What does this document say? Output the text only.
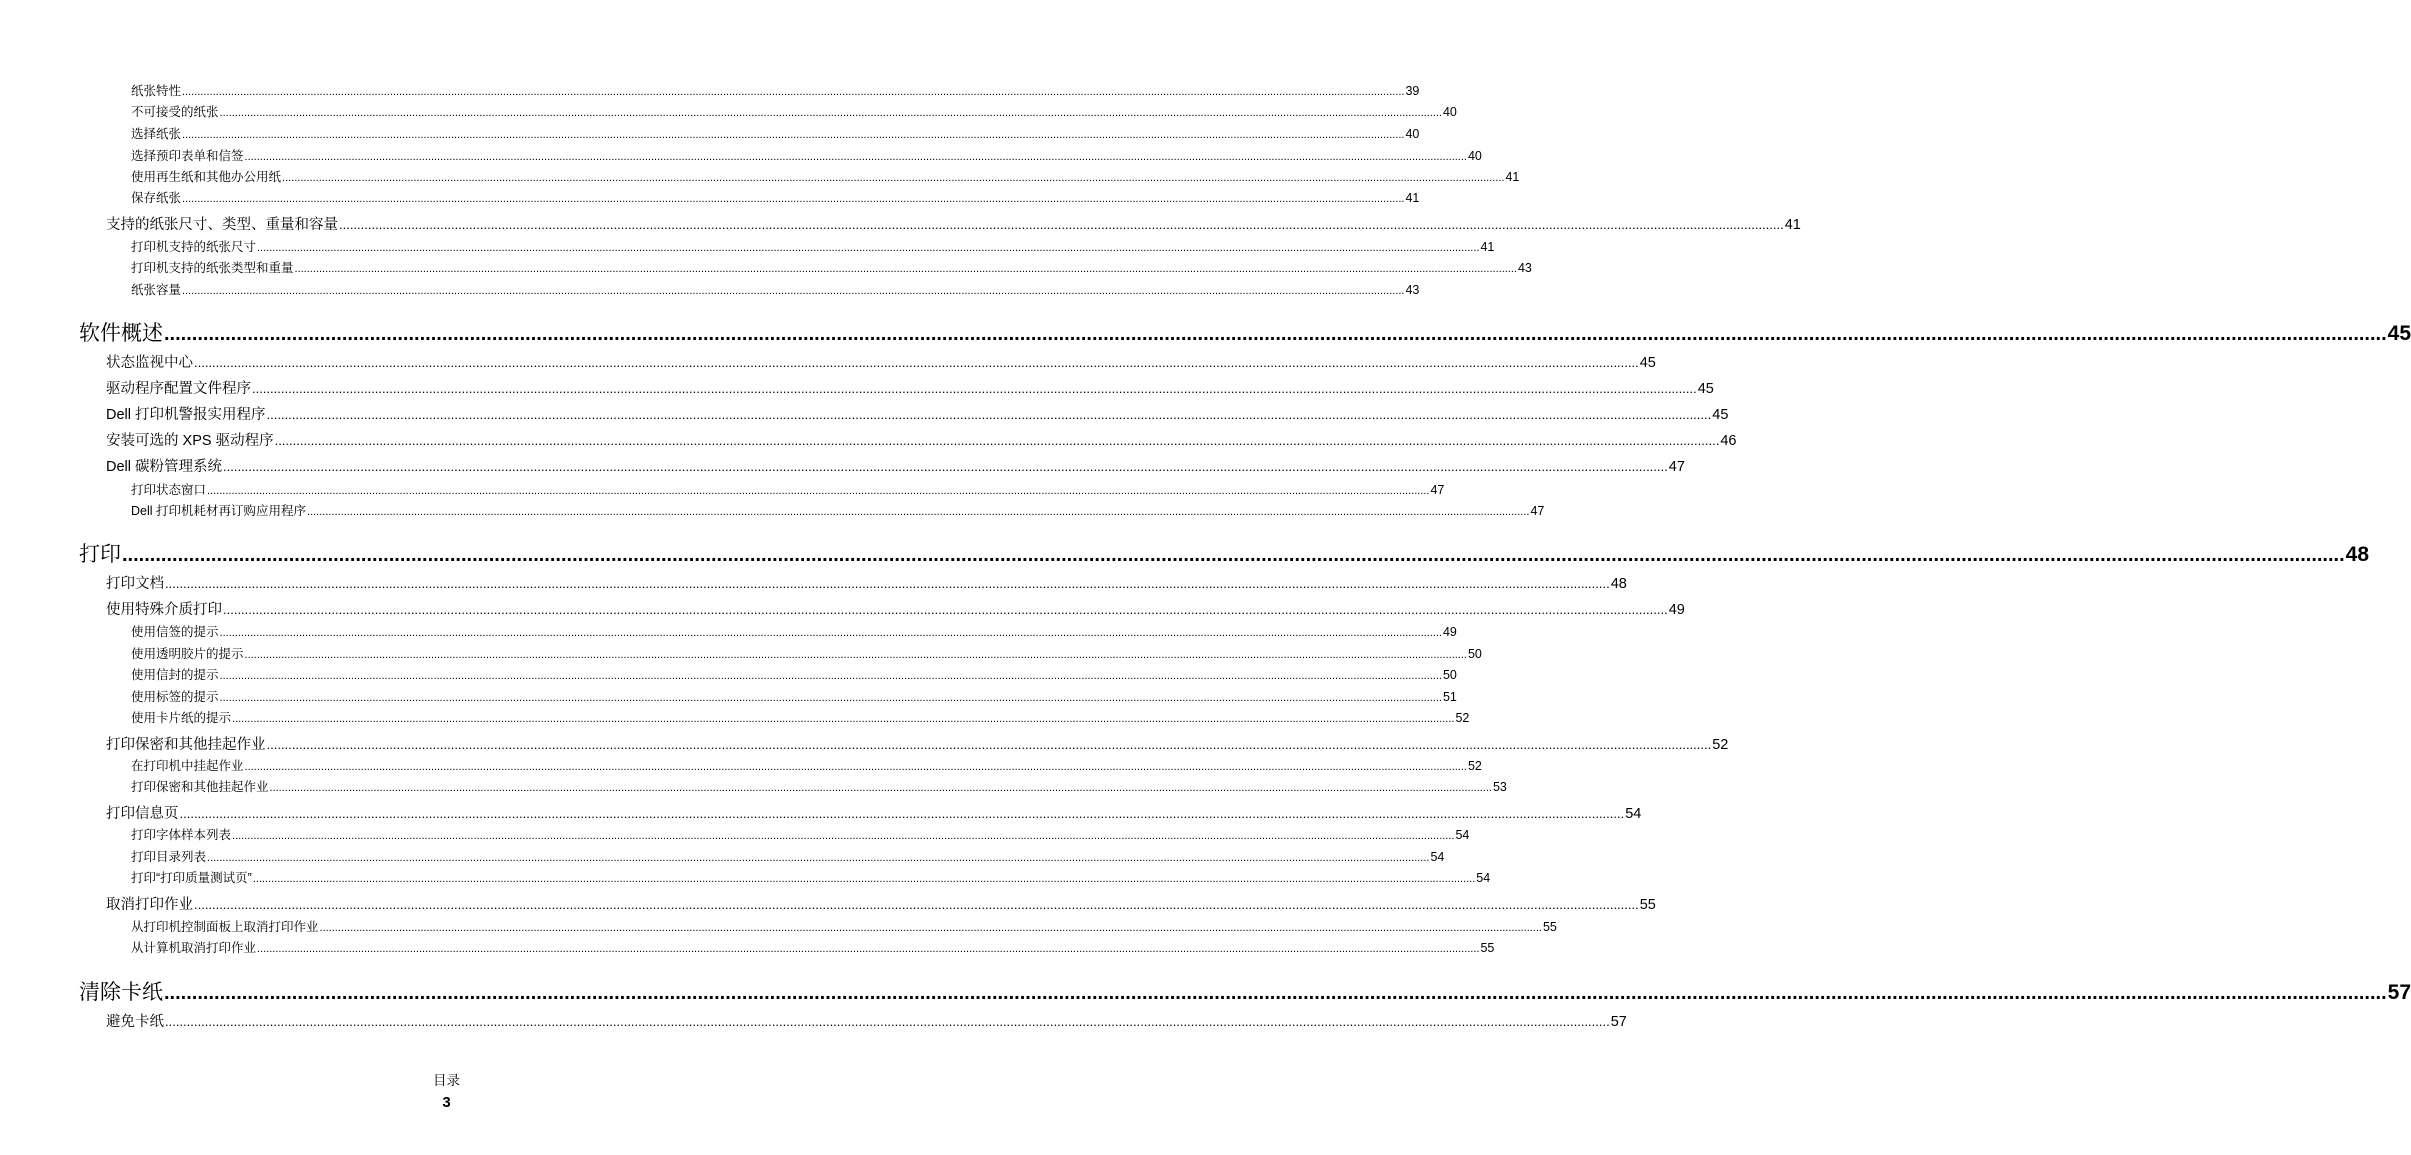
纸张特性 ................................................................................................................................................................................................................................................................................................................................................................................................................ 39
不可接受的纸张 ................................................................................................................................................................................................................................................................................................................................................................................................................ 40
选择纸张 ................................................................................................................................................................................................................................................................................................................................................................................................................ 40
选择预印表单和信签 ................................................................................................................................................................................................................................................................................................................................................................................................................ 40
使用再生纸和其他办公用纸 ................................................................................................................................................................................................................................................................................................................................................................................................................ 41
保存纸张 ................................................................................................................................................................................................................................................................................................................................................................................................................ 41
支持的纸张尺寸、类型、重量和容量 ................................................................................................................................................................................................................................................................................................................................................................................................................ 41
打印机支持的纸张尺寸 ................................................................................................................................................................................................................................................................................................................................................................................................................ 41
打印机支持的纸张类型和重量 ................................................................................................................................................................................................................................................................................................................................................................................................................ 43
纸张容量 ................................................................................................................................................................................................................................................................................................................................................................................................................ 43
软件概述 ................................................................................................................................................................................................................................................................................................................................................................................................................ 45
状态监视中心 ................................................................................................................................................................................................................................................................................................................................................................................................................ 45
驱动程序配置文件程序 ................................................................................................................................................................................................................................................................................................................................................................................................................ 45
Dell 打印机警报实用程序 ................................................................................................................................................................................................................................................................................................................................................................................................................ 45
安装可选的 XPS 驱动程序 ................................................................................................................................................................................................................................................................................................................................................................................................................ 46
Dell 碳粉管理系统 ................................................................................................................................................................................................................................................................................................................................................................................................................ 47
打印状态窗口 ................................................................................................................................................................................................................................................................................................................................................................................................................ 47
Dell 打印机耗材再订购应用程序 ................................................................................................................................................................................................................................................................................................................................................................................................................ 47
打印 ................................................................................................................................................................................................................................................................................................................................................................................................................ 48
打印文档 ................................................................................................................................................................................................................................................................................................................................................................................................................ 48
使用特殊介质打印 ................................................................................................................................................................................................................................................................................................................................................................................................................ 49
使用信签的提示 ................................................................................................................................................................................................................................................................................................................................................................................................................ 49
使用透明胶片的提示 ................................................................................................................................................................................................................................................................................................................................................................................................................ 50
使用信封的提示 ................................................................................................................................................................................................................................................................................................................................................................................................................ 50
使用标签的提示 ................................................................................................................................................................................................................................................................................................................................................................................................................ 51
使用卡片纸的提示 ................................................................................................................................................................................................................................................................................................................................................................................................................ 52
打印保密和其他挂起作业 ................................................................................................................................................................................................................................................................................................................................................................................................................ 52
在打印机中挂起作业 ................................................................................................................................................................................................................................................................................................................................................................................................................ 52
打印保密和其他挂起作业 ................................................................................................................................................................................................................................................................................................................................................................................................................ 53
打印信息页 ................................................................................................................................................................................................................................................................................................................................................................................................................ 54
打印字体样本列表 ................................................................................................................................................................................................................................................................................................................................................................................................................ 54
打印目录列表 ................................................................................................................................................................................................................................................................................................................................................................................................................ 54
打印“打印质量测试页” ................................................................................................................................................................................................................................................................................................................................................................................................................ 54
取消打印作业 ................................................................................................................................................................................................................................................................................................................................................................................................................ 55
从打印机控制面板上取消打印作业 ................................................................................................................................................................................................................................................................................................................................................................................................................ 55
从计算机取消打印作业 ................................................................................................................................................................................................................................................................................................................................................................................................................ 55
清除卡纸 ................................................................................................................................................................................................................................................................................................................................................................................................................ 57
避免卡纸 ................................................................................................................................................................................................................................................................................................................................................................................................................ 57
目录
3
